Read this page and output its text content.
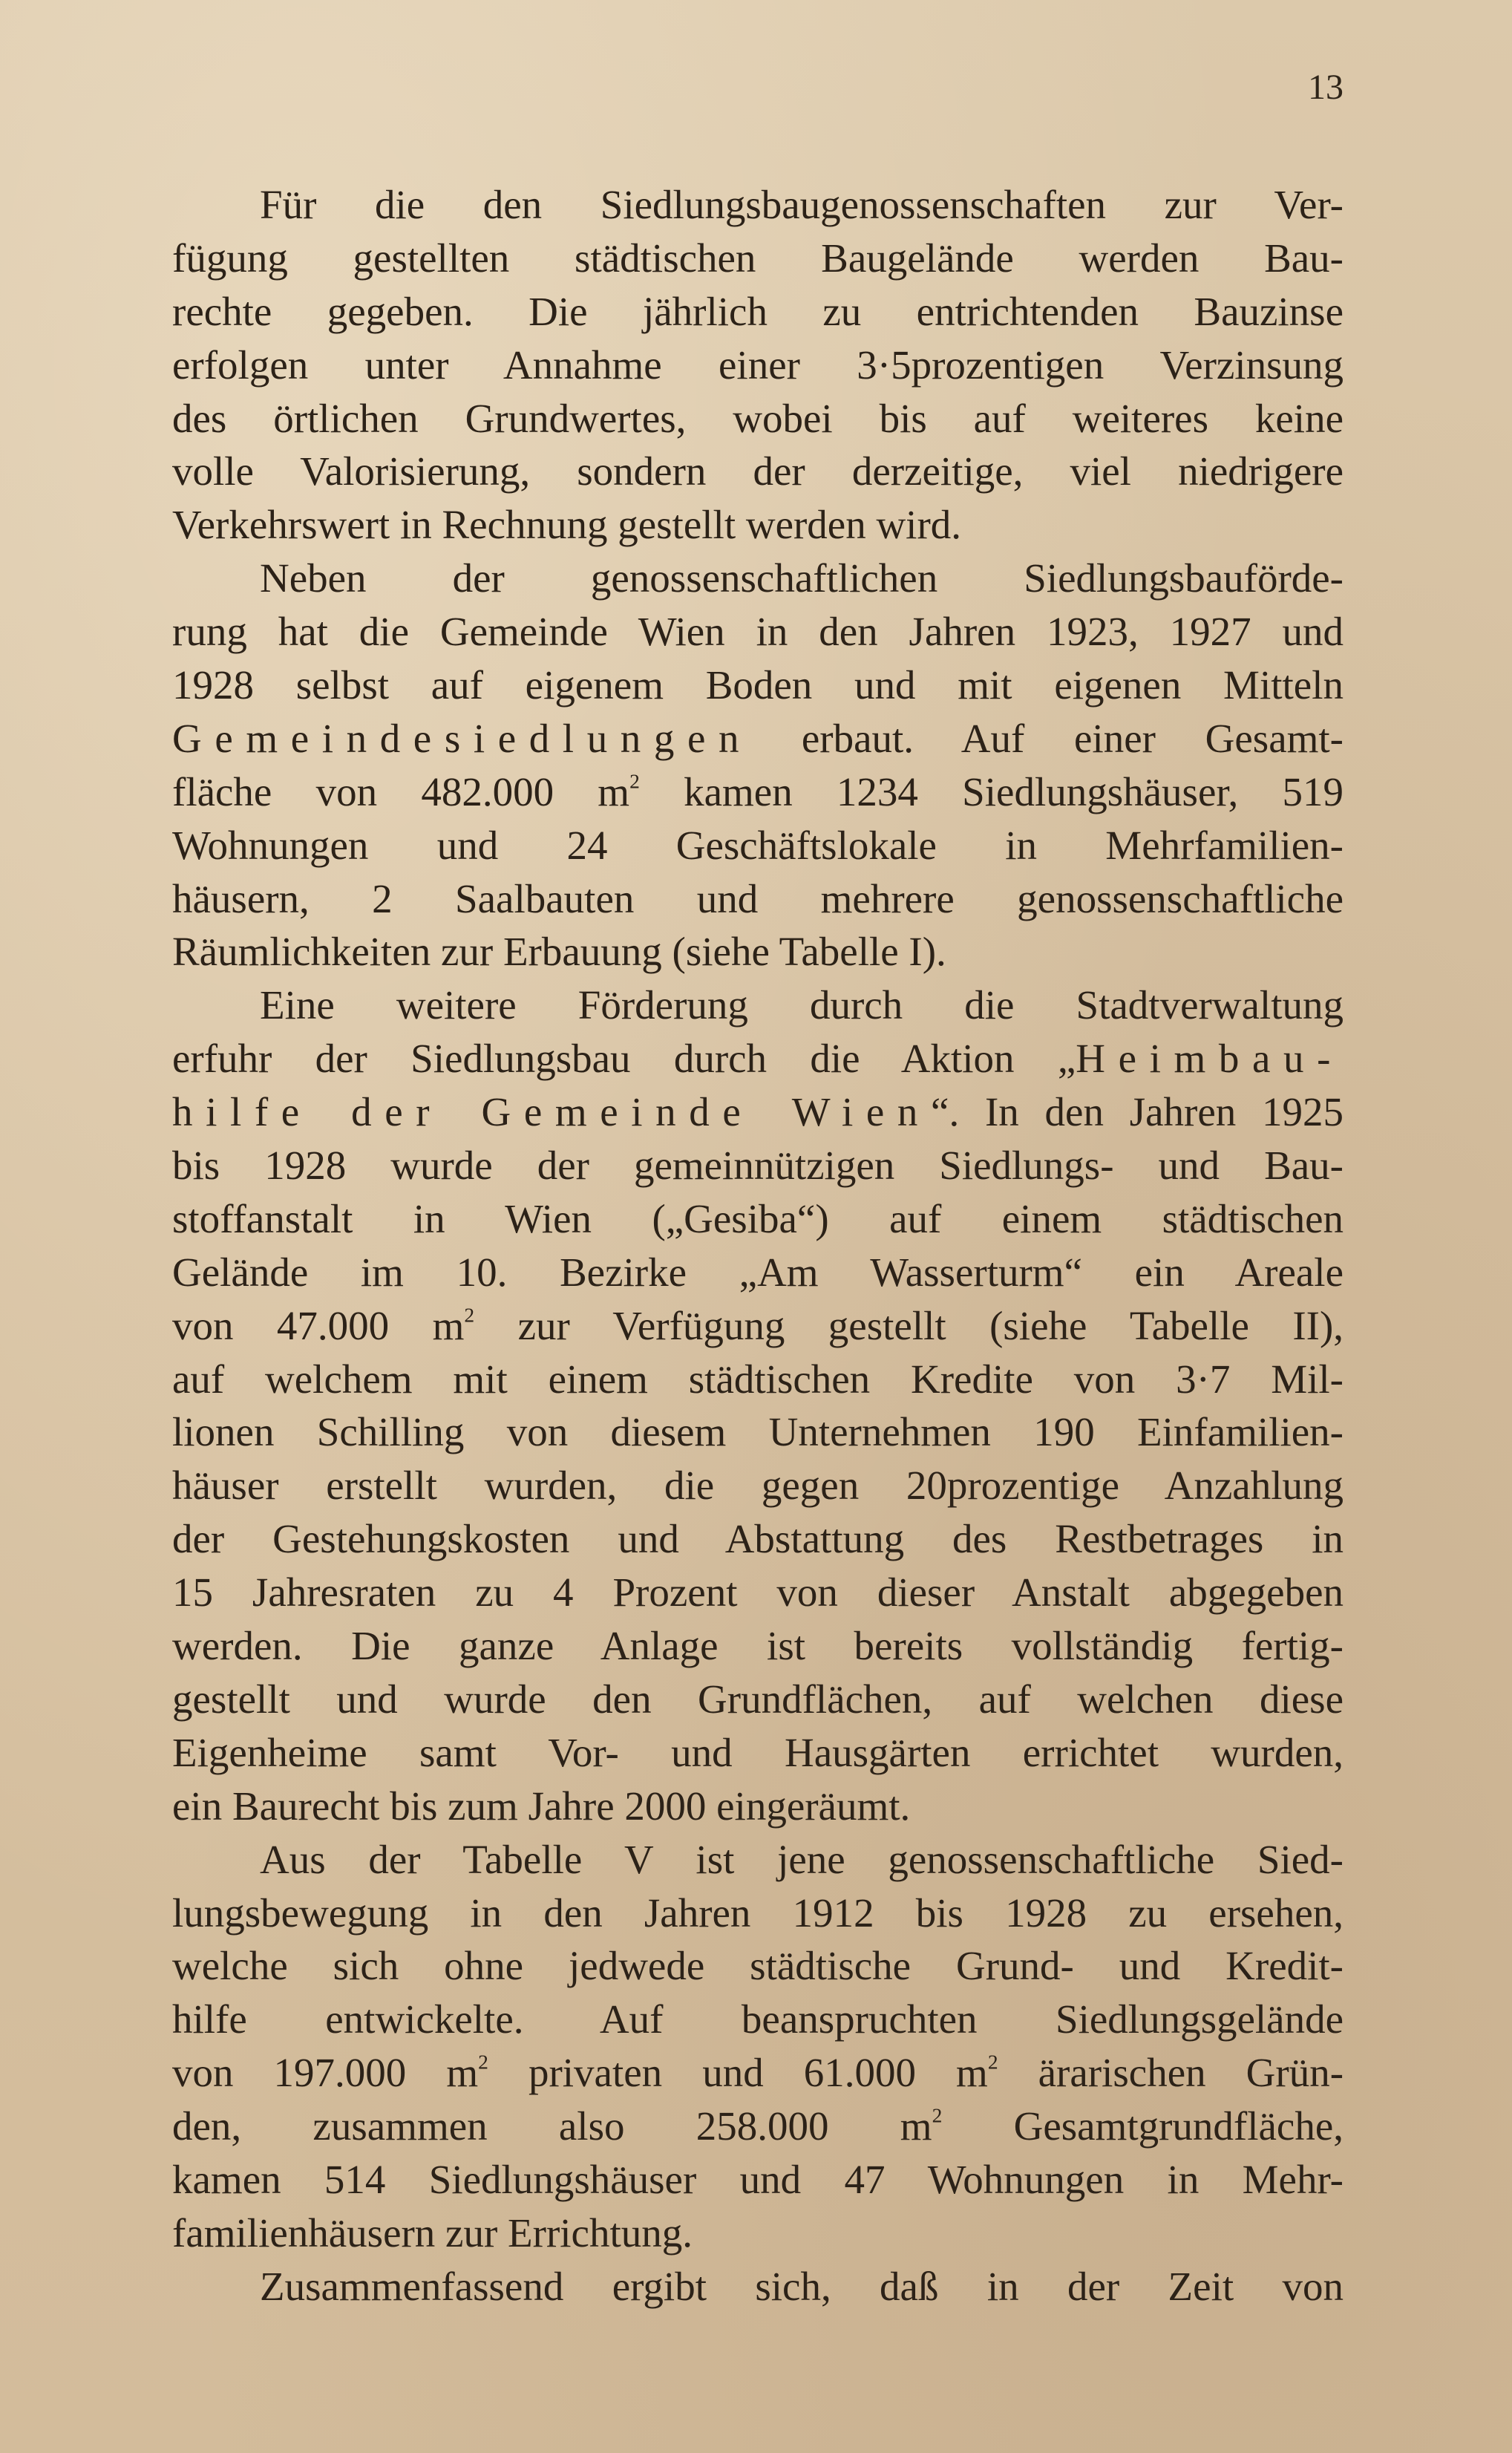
13
Für die den Siedlungsbaugenossenschaften zur Ver-
fügung gestellten städtischen Baugelände werden Bau-
rechte gegeben. Die jährlich zu entrichtenden Bauzinse
erfolgen unter Annahme einer 3·5prozentigen Verzinsung
des örtlichen Grundwertes, wobei bis auf weiteres keine
volle Valorisierung, sondern der derzeitige, viel niedrigere
Verkehrswert in Rechnung gestellt werden wird.
Neben der genossenschaftlichen Siedlungsbauförde-
rung hat die Gemeinde Wien in den Jahren 1923, 1927 und
1928 selbst auf eigenem Boden und mit eigenen Mitteln
Gemeindesiedlungen erbaut. Auf einer Gesamt-
fläche von 482.000 $m^2$ kamen 1234 Siedlungshäuser, 519
Wohnungen und 24 Geschäftslokale in Mehrfamilien-
häusern, 2 Saalbauten und mehrere genossenschaftliche
Räumlichkeiten zur Erbauung (siehe Tabelle I).
Eine weitere Förderung durch die Stadtverwaltung
erfuhr der Siedlungsbau durch die Aktion „Heimbau-
hilfe der Gemeinde Wien“. In den Jahren 1925
bis 1928 wurde der gemeinnützigen Siedlungs- und Bau-
stoffanstalt in Wien („Gesiba“) auf einem städtischen
Gelände im 10. Bezirke „Am Wasserturm“ ein Areale
von 47.000 $m^2$ zur Verfügung gestellt (siehe Tabelle II),
auf welchem mit einem städtischen Kredite von 3·7 Mil-
lionen Schilling von diesem Unternehmen 190 Einfamilien-
häuser erstellt wurden, die gegen 20prozentige Anzahlung
der Gestehungskosten und Abstattung des Restbetrages in
15 Jahresraten zu 4 Prozent von dieser Anstalt abgegeben
werden. Die ganze Anlage ist bereits vollständig fertig-
gestellt und wurde den Grundflächen, auf welchen diese
Eigenheime samt Vor- und Hausgärten errichtet wurden,
ein Baurecht bis zum Jahre 2000 eingeräumt.
Aus der Tabelle V ist jene genossenschaftliche Sied-
lungsbewegung in den Jahren 1912 bis 1928 zu ersehen,
welche sich ohne jedwede städtische Grund- und Kredit-
hilfe entwickelte. Auf beanspruchten Siedlungsgelände
von 197.000 $m^2$ privaten und 61.000 $m^2$ ärarischen Grün-
den, zusammen also 258.000 $m^2$ Gesamtgrundfläche,
kamen 514 Siedlungshäuser und 47 Wohnungen in Mehr-
familienhäusern zur Errichtung.
Zusammenfassend ergibt sich, daß in der Zeit von
